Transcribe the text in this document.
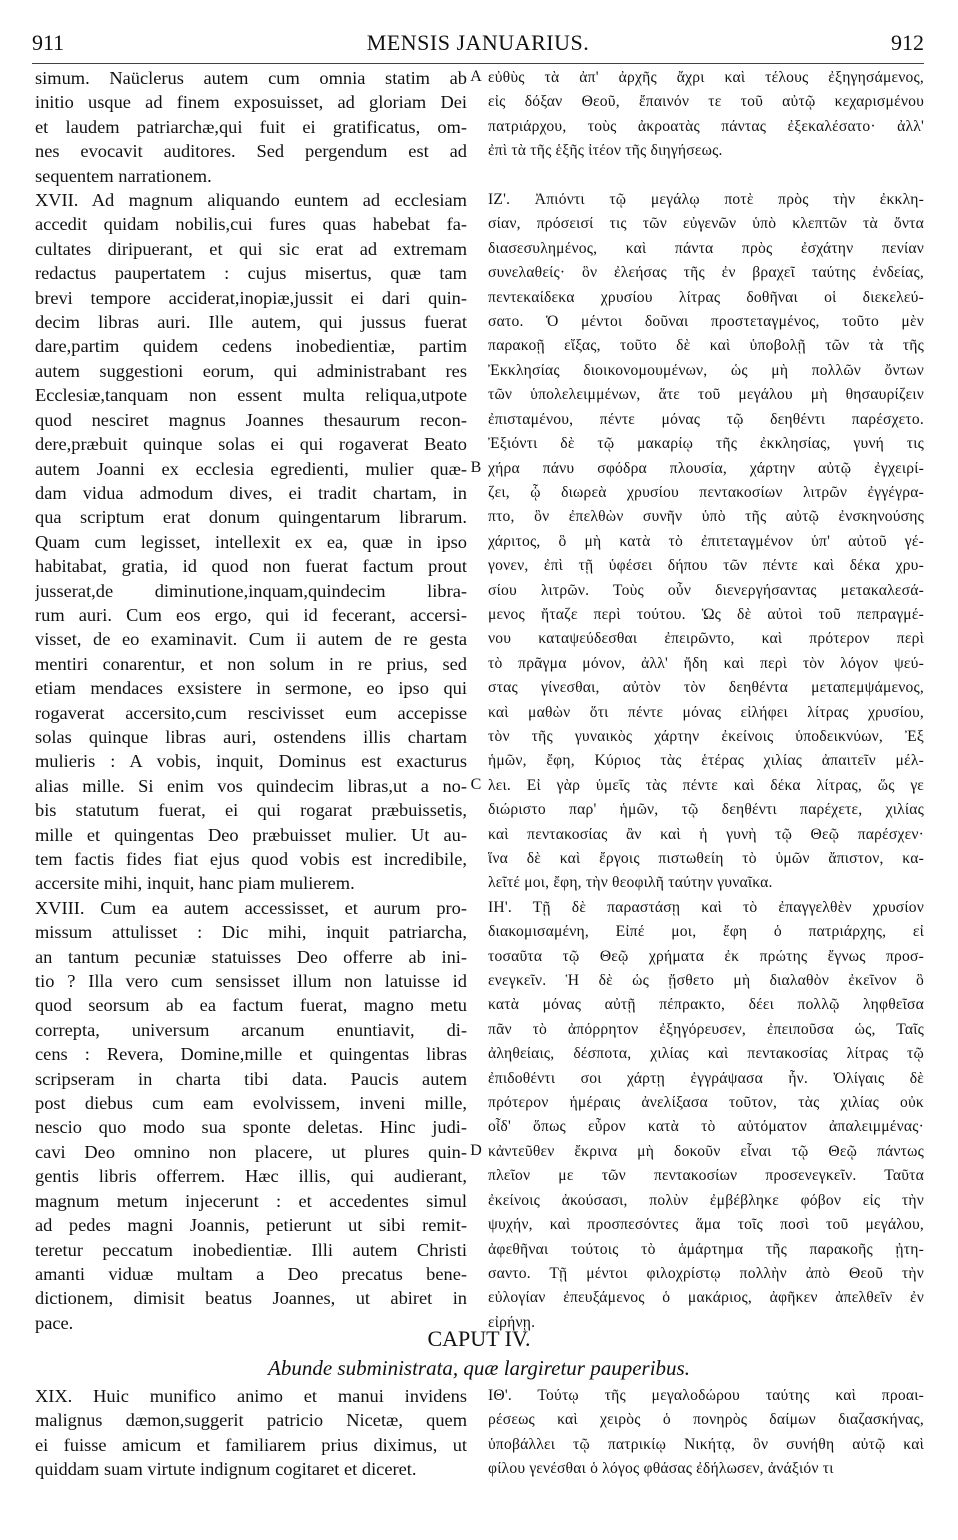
911	MENSIS JANUARIUS.	912
simum. Naüclerus autem cum omnia statim ab
initio usque ad finem exposuisset, ad gloriam Dei
et laudem patriarchæ,qui fuit ei gratificatus, om-
nes evocavit auditores. Sed pergendum est ad
sequentem narrationem.
XVII. Ad magnum aliquando euntem ad ecclesiam
accedit quidam nobilis,cui fures quas habebat fa-
cultates diripuerant, et qui sic erat ad extremam
redactus paupertatem : cujus misertus, quæ tam
brevi tempore acciderat,inopiæ,jussit ei dari quin-
decim libras auri. Ille autem, qui jussus fuerat
dare,partim quidem cedens inobedientiæ, partim
autem suggestioni eorum, qui administrabant res
Ecclesiæ,tanquam non essent multa reliqua,utpote
quod nesciret magnus Joannes thesaurum recon-
dere,præbuit quinque solas ei qui rogaverat Beato
autem Joanni ex ecclesia egredienti, mulier quæ-
dam vidua admodum dives, ei tradit chartam, in
qua scriptum erat donum quingentarum librarum.
Quam cum legisset, intellexit ex ea, quæ in ipso
habitabat, gratia, id quod non fuerat factum prout
jusserat,de diminutione,inquam,quindecim libra-
rum auri. Cum eos ergo, qui id fecerant, accersi-
visset, de eo examinavit. Cum ii autem de re gesta
mentiri conarentur, et non solum in re prius, sed
etiam mendaces exsistere in sermone, eo ipso qui
rogaverat accersito,cum rescivisset eum accepisse
solas quinque libras auri, ostendens illis chartam
mulieris : A vobis, inquit, Dominus est exacturus
alias mille. Si enim vos quindecim libras,ut a no-
bis statutum fuerat, ei qui rogarat præbuissetis,
mille et quingentas Deo præbuisset mulier. Ut au-
tem factis fides fiat ejus quod vobis est incredibile,
accersite mihi, inquit, hanc piam mulierem.
XVIII. Cum ea autem accessisset, et aurum pro-
missum attulisset : Dic mihi, inquit patriarcha,
an tantum pecuniæ statuisses Deo offerre ab ini-
tio ? Illa vero cum sensisset illum non latuisse id
quod seorsum ab ea factum fuerat, magno metu
correpta, universum arcanum enuntiavit, di-
cens : Revera, Domine,mille et quingentas libras
scripseram in charta tibi data. Paucis autem
post diebus cum eam evolvissem, inveni mille,
nescio quo modo sua sponte deletas. Hinc judi-
cavi Deo omnino non placere, ut plures quin-
gentis libris offerrem. Hæc illis, qui audierant,
magnum metum injecerunt : et accedentes simul
ad pedes magni Joannis, petierunt ut sibi remit-
teretur peccatum inobedientiæ. Illi autem Christi
amanti viduæ multam a Deo precatus bene-
dictionem, dimisit beatus Joannes, ut abiret in
pace.
εὐθὺς τὰ ἀπ' ἀρχῆς ἄχρι καὶ τέλους ἐξηγησάμενος,
εἰς δόξαν Θεοῦ, ἔπαινόν τε τοῦ αὐτῷ κεχαρισμένου
πατριάρχου, τοὺς ἀκροατὰς πάντας ἐξεκαλέσατο· ἀλλ'
ἐπὶ τὰ τῆς ἑξῆς ἰτέον τῆς διηγήσεως.
ΙΖ'. Ἀπιόντι τῷ μεγάλῳ ποτὲ πρὸς τὴν ἐκκλη-
σίαν, πρόσεισί τις τῶν εὐγενῶν ὑπὸ κλεπτῶν τὰ ὄντα
διασεσυλημένος, καὶ πάντα πρὸς ἐσχάτην πενίαν
συνελαθείς· ὃν ἐλεήσας τῆς ἐν βραχεῖ ταύτης ἐνδείας,
πεντεκαίδεκα χρυσίου λίτρας δοθῆναι οἱ διεκελεύ-
σατο. Ὁ μέντοι δοῦναι προστεταγμένος, τοῦτο μὲν
παρακοῇ εἴξας, τοῦτο δὲ καὶ ὑποβολῇ τῶν τὰ τῆς
Ἐκκλησίας διοικονομουμένων, ὡς μὴ πολλῶν ὄντων
τῶν ὑπολελειμμένων, ἅτε τοῦ μεγάλου μὴ θησαυρίζειν
ἐπισταμένου, πέντε μόνας τῷ δεηθέντι παρέσχετο.
Ἐξιόντι δὲ τῷ μακαρίῳ τῆς ἐκκλησίας, γυνή τις
χήρα πάνυ σφόδρα πλουσία, χάρτην αὐτῷ ἐγχειρί-
ζει, ᾧ διωρεὰ χρυσίου πεντακοσίων λιτρῶν ἐγγέγρα-
πτο, ὃν ἐπελθὼν συνῆν ὑπὸ τῆς αὐτῷ ἐνσκηνούσης
χάριτος, ὃ μὴ κατὰ τὸ ἐπιτεταγμένον ὑπ' αὐτοῦ γέ-
γονεν, ἐπὶ τῇ ὑφέσει δήπου τῶν πέντε καὶ δέκα χρυ-
σίου λιτρῶν. Τοὺς οὖν διενεργήσαντας μετακαλεσά-
μενος ἤταζε περὶ τούτου. Ὡς δὲ αὐτοὶ τοῦ πεπραγμέ-
νου καταψεύδεσθαι ἐπειρῶντο, καὶ πρότερον περὶ
τὸ πρᾶγμα μόνον, ἀλλ' ἤδη καὶ περὶ τὸν λόγον ψεύ-
στας γίνεσθαι, αὐτὸν τὸν δεηθέντα μεταπεμψάμενος,
καὶ μαθὼν ὅτι πέντε μόνας εἰλήφει λίτρας χρυσίου,
τὸν τῆς γυναικὸς χάρτην ἐκείνοις ὑποδεικνύων, Ἐξ
ἡμῶν, ἔφη, Κύριος τὰς ἑτέρας χιλίας ἀπαιτεῖν μέλ-
λει. Εἰ γὰρ ὑμεῖς τὰς πέντε καὶ δέκα λίτρας, ὥς γε
διώριστο παρ' ἡμῶν, τῷ δεηθέντι παρέχετε, χιλίας
καὶ πεντακοσίας ἂν καὶ ἡ γυνὴ τῷ Θεῷ παρέσχεν·
ἵνα δὲ καὶ ἔργοις πιστωθείη τὸ ὑμῶν ἄπιστον, κα-
λεῖτέ μοι, ἔφη, τὴν θεοφιλῆ ταύτην γυναῖκα.
ΙΗ'. Τῇ δὲ παραστάσῃ καὶ τὸ ἐπαγγελθὲν χρυσίον
διακομισαμένη, Εἰπέ μοι, ἔφη ὁ πατριάρχης, εἰ
τοσαῦτα τῷ Θεῷ χρήματα ἐκ πρώτης ἔγνως προσ-
ενεγκεῖν. Ἡ δὲ ὡς ᾔσθετο μὴ διαλαθὸν ἐκεῖνον ὃ
κατὰ μόνας αὐτῇ πέπρακτο, δέει πολλῷ ληφθεῖσα
πᾶν τὸ ἀπόρρητον ἐξηγόρευσεν, ἐπειποῦσα ὡς, Ταῖς
ἀληθείαις, δέσποτα, χιλίας καὶ πεντακοσίας λίτρας τῷ
ἐπιδοθέντι σοι χάρτῃ ἐγγράψασα ἦν. Ὀλίγαις δὲ
πρότερον ἡμέραις ἀνελίξασα τοῦτον, τὰς χιλίας οὐκ
οἶδ' ὅπως εὗρον κατὰ τὸ αὐτόματον ἀπαλειμμένας·
κἀντεῦθεν ἔκρινα μὴ δοκοῦν εἶναι τῷ Θεῷ πάντως
πλεῖον με τῶν πεντακοσίων προσενεγκεῖν. Ταῦτα
ἐκείνοις ἀκούσασι, πολὺν ἐμβέβληκε φόβον εἰς τὴν
ψυχήν, καὶ προσπεσόντες ἅμα τοῖς ποσὶ τοῦ μεγάλου,
ἀφεθῆναι τούτοις τὸ ἁμάρτημα τῆς παρακοῆς ᾐτη-
σαντο. Τῇ μέντοι φιλοχρίστῳ πολλὴν ἀπὸ Θεοῦ τὴν
εὐλογίαν ἐπευξάμενος ὁ μακάριος, ἀφῆκεν ἀπελθεῖν ἐν
εἰρήνῃ.
A
B
C
D
CAPUT IV.
Abunde subministrata, quæ largiretur pauperibus.
XIX. Huic munifico animo et manui invidens
malignus dæmon,suggerit patricio Nicetæ, quem
ei fuisse amicum et familiarem prius diximus, ut
quiddam suam virtute indignum cogitaret et diceret.
ΙΘ'. Τούτῳ τῆς μεγαλοδώρου ταύτης καὶ προαι-
ρέσεως καὶ χειρὸς ὁ πονηρὸς δαίμων διαζασκήνας,
ὑποβάλλει τῷ πατρικίῳ Νικήτᾳ, ὃν συνήθη αὐτῷ καὶ
φίλου γενέσθαι ὁ λόγος φθάσας ἐδήλωσεν, ἀνάξιόν τι
